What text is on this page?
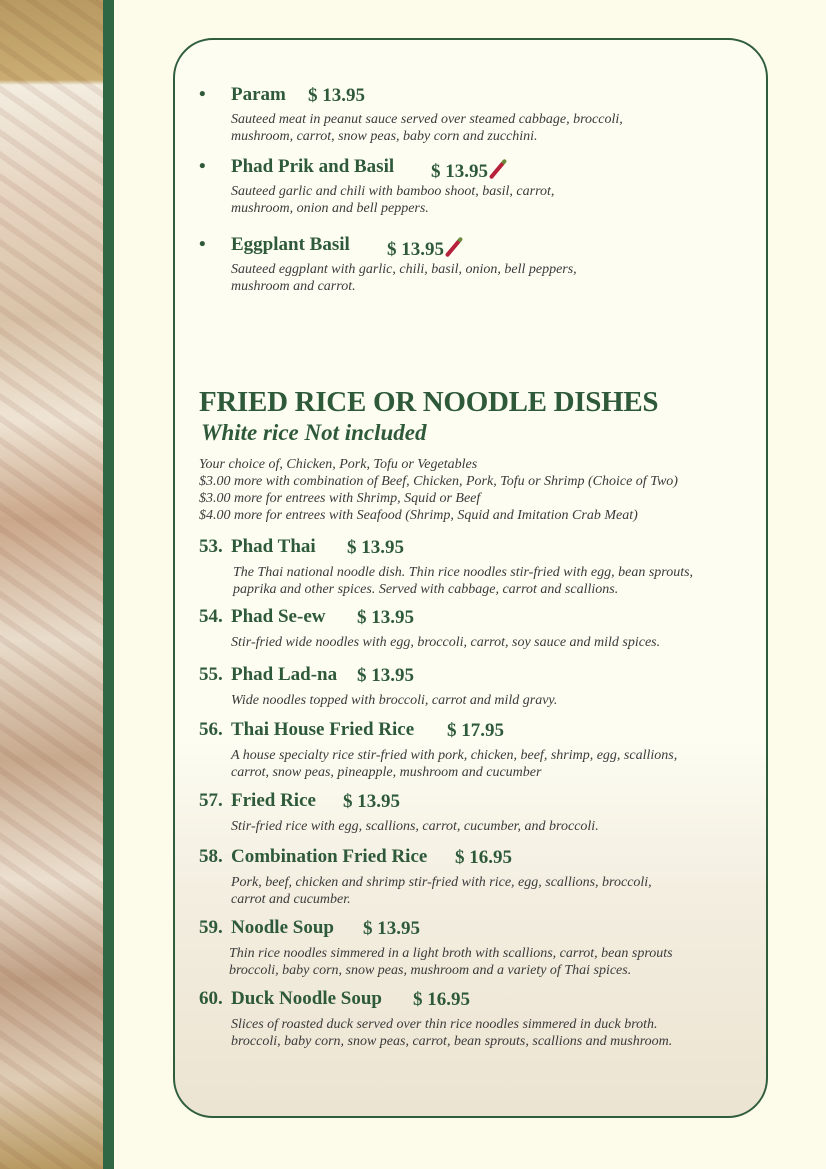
• Param $ 13.95
Sauteed meat in peanut sauce served over steamed cabbage, broccoli,
mushroom, carrot, snow peas, baby corn and zucchini.
• Phad Prik and Basil $ 13.95
Sauteed garlic and chili with bamboo shoot, basil, carrot,
mushroom, onion and bell peppers.
• Eggplant Basil $ 13.95
Sauteed eggplant with garlic, chili, basil, onion, bell peppers,
mushroom and carrot.
FRIED RICE OR NOODLE DISHES
White rice Not included
Your choice of, Chicken, Pork, Tofu or Vegetables
$3.00 more with combination of Beef, Chicken, Pork, Tofu or Shrimp (Choice of Two)
$3.00 more for entrees with Shrimp, Squid or Beef
$4.00 more for entrees with Seafood (Shrimp, Squid and Imitation Crab Meat)
53. Phad Thai $ 13.95
The Thai national noodle dish. Thin rice noodles stir-fried with egg, bean sprouts,
paprika and other spices. Served with cabbage, carrot and scallions.
54. Phad Se-ew $ 13.95
Stir-fried wide noodles with egg, broccoli, carrot, soy sauce and mild spices.
55. Phad Lad-na $ 13.95
Wide noodles topped with broccoli, carrot and mild gravy.
56. Thai House Fried Rice $ 17.95
A house specialty rice stir-fried with pork, chicken, beef, shrimp, egg, scallions,
carrot, snow peas, pineapple, mushroom and cucumber
57. Fried Rice $ 13.95
Stir-fried rice with egg, scallions, carrot, cucumber, and broccoli.
58. Combination Fried Rice $ 16.95
Pork, beef, chicken and shrimp stir-fried with rice, egg, scallions, broccoli,
carrot and cucumber.
59. Noodle Soup $ 13.95
Thin rice noodles simmered in a light broth with scallions, carrot, bean sprouts
broccoli, baby corn, snow peas, mushroom and a variety of Thai spices.
60. Duck Noodle Soup $ 16.95
Slices of roasted duck served over thin rice noodles simmered in duck broth.
broccoli, baby corn, snow peas, carrot, bean sprouts, scallions and mushroom.
